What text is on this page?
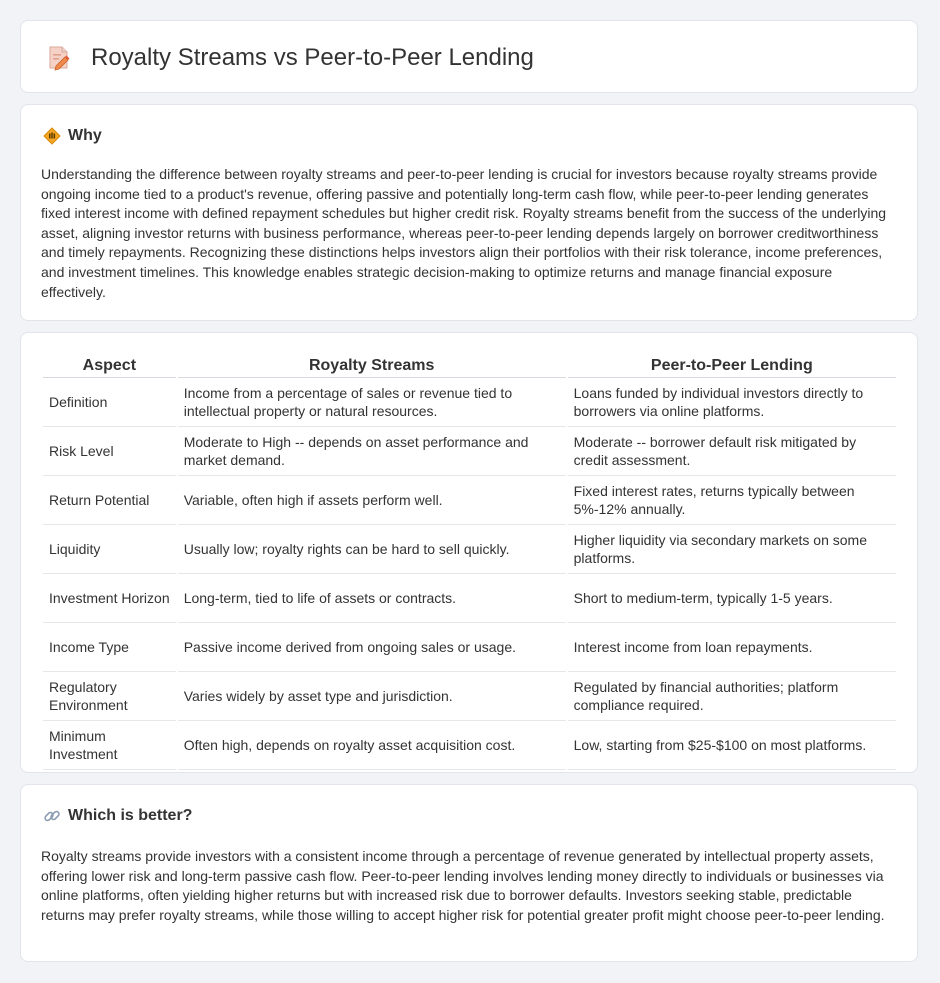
Royalty Streams vs Peer-to-Peer Lending
Why

Understanding the difference between royalty streams and peer-to-peer lending is crucial for investors because royalty streams provide ongoing income tied to a product's revenue, offering passive and potentially long-term cash flow, while peer-to-peer lending generates fixed interest income with defined repayment schedules but higher credit risk. Royalty streams benefit from the success of the underlying asset, aligning investor returns with business performance, whereas peer-to-peer lending depends largely on borrower creditworthiness and timely repayments. Recognizing these distinctions helps investors align their portfolios with their risk tolerance, income preferences, and investment timelines. This knowledge enables strategic decision-making to optimize returns and manage financial exposure effectively.

Aspect	Royalty Streams	Peer-to-Peer Lending
Definition	Income from a percentage of sales or revenue tied to intellectual property or natural resources.	Loans funded by individual investors directly to borrowers via online platforms.
Risk Level	Moderate to High -- depends on asset performance and market demand.	Moderate -- borrower default risk mitigated by credit assessment.
Return Potential	Variable, often high if assets perform well.	Fixed interest rates, returns typically between 5%-12% annually.
Liquidity	Usually low; royalty rights can be hard to sell quickly.	Higher liquidity via secondary markets on some platforms.
Investment Horizon	Long-term, tied to life of assets or contracts.	Short to medium-term, typically 1-5 years.
Income Type	Passive income derived from ongoing sales or usage.	Interest income from loan repayments.
Regulatory Environment	Varies widely by asset type and jurisdiction.	Regulated by financial authorities; platform compliance required.
Minimum Investment	Often high, depends on royalty asset acquisition cost.	Low, starting from $25-$100 on most platforms.
Which is better?

Royalty streams provide investors with a consistent income through a percentage of revenue generated by intellectual property assets, offering lower risk and long-term passive cash flow. Peer-to-peer lending involves lending money directly to individuals or businesses via online platforms, often yielding higher returns but with increased risk due to borrower defaults. Investors seeking stable, predictable returns may prefer royalty streams, while those willing to accept higher risk for potential greater profit might choose peer-to-peer lending.
